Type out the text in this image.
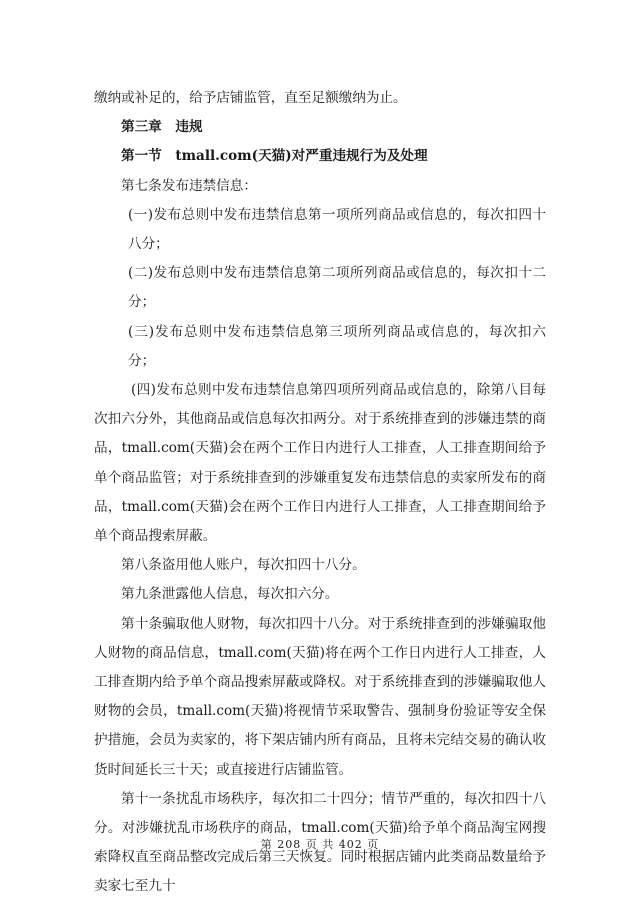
缴纳或补足的，给予店铺监管，直至足额缴纳为止。

第三章　违规

第一节　tmall.com(天猫)对严重违规行为及处理

第七条发布违禁信息：

(一)发布总则中发布违禁信息第一项所列商品或信息的，每次扣四十八分；

(二)发布总则中发布违禁信息第二项所列商品或信息的，每次扣十二分；

(三)发布总则中发布违禁信息第三项所列商品或信息的，每次扣六分；

(四)发布总则中发布违禁信息第四项所列商品或信息的，除第八目每次扣六分外，其他商品或信息每次扣两分。对于系统排查到的涉嫌违禁的商品，tmall.com(天猫)会在两个工作日内进行人工排查，人工排查期间给予单个商品监管；对于系统排查到的涉嫌重复发布违禁信息的卖家所发布的商品，tmall.com(天猫)会在两个工作日内进行人工排查，人工排查期间给予单个商品搜索屏蔽。

第八条盗用他人账户，每次扣四十八分。

第九条泄露他人信息，每次扣六分。

第十条骗取他人财物，每次扣四十八分。对于系统排查到的涉嫌骗取他人财物的商品信息，tmall.com(天猫)将在两个工作日内进行人工排查，人工排查期内给予单个商品搜索屏蔽或降权。对于系统排查到的涉嫌骗取他人财物的会员，tmall.com(天猫)将视情节采取警告、强制身份验证等安全保护措施，会员为卖家的，将下架店铺内所有商品，且将未完结交易的确认收货时间延长三十天；或直接进行店铺监管。

第十一条扰乱市场秩序，每次扣二十四分；情节严重的，每次扣四十八分。对涉嫌扰乱市场秩序的商品，tmall.com(天猫)给予单个商品淘宝网搜索降权直至商品整改完成后第三天恢复。同时根据店铺内此类商品数量给予卖家七至九十

第 208 页 共 402 页
